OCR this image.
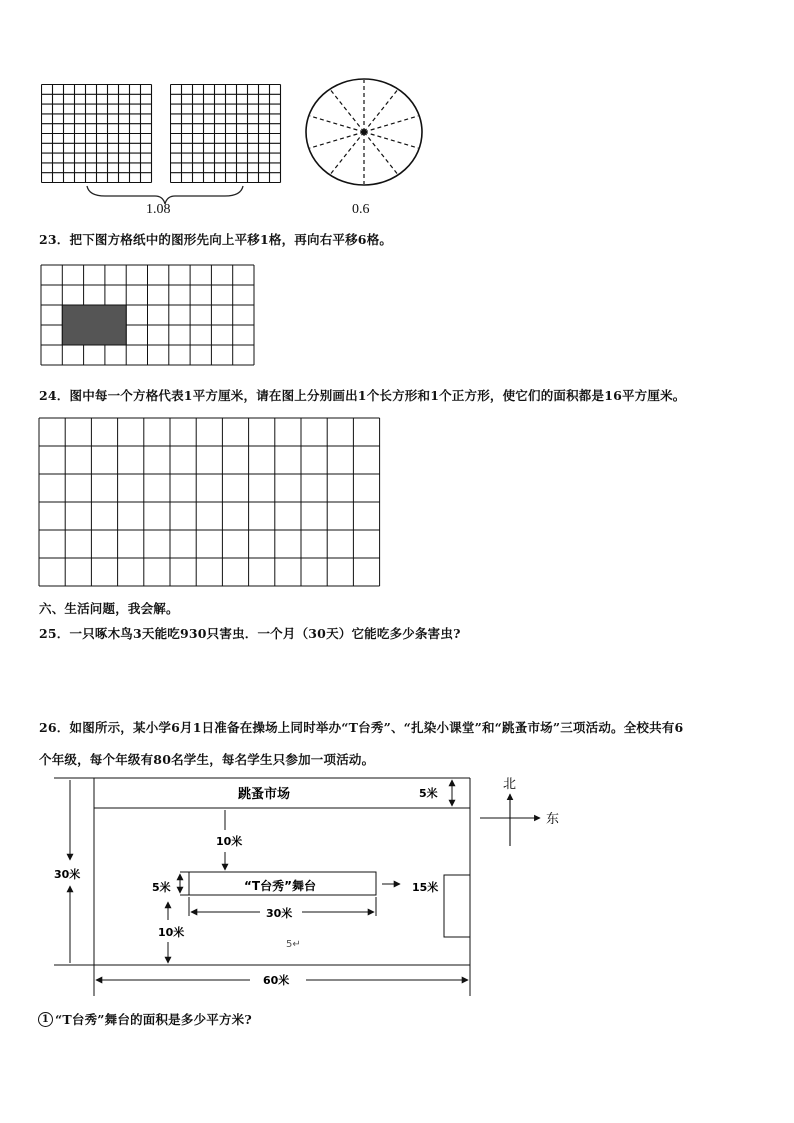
1.08	0.6
23．把下图方格纸中的图形先向上平移1格，再向右平移6格。
24．图中每一个方格代表1平方厘米，请在图上分别画出1个长方形和1个正方形，使它们的面积都是16平方厘米。
六、生活问题，我会解。
25．一只啄木鸟3天能吃930只害虫．一个月（30天）它能吃多少条害虫?
26．如图所示，某小学6月1日准备在操场上同时举办“T台秀”、“扎染小课堂”和“跳蚤市场”三项活动。全校共有6
个年级，每个年级有80名学生，每名学生只参加一项活动。
跳蚤市场	5米
10米
30米
5米	“T台秀”舞台	15米
30米
10米
5↵
60米
北
东
1 “T台秀”舞台的面积是多少平方米?
